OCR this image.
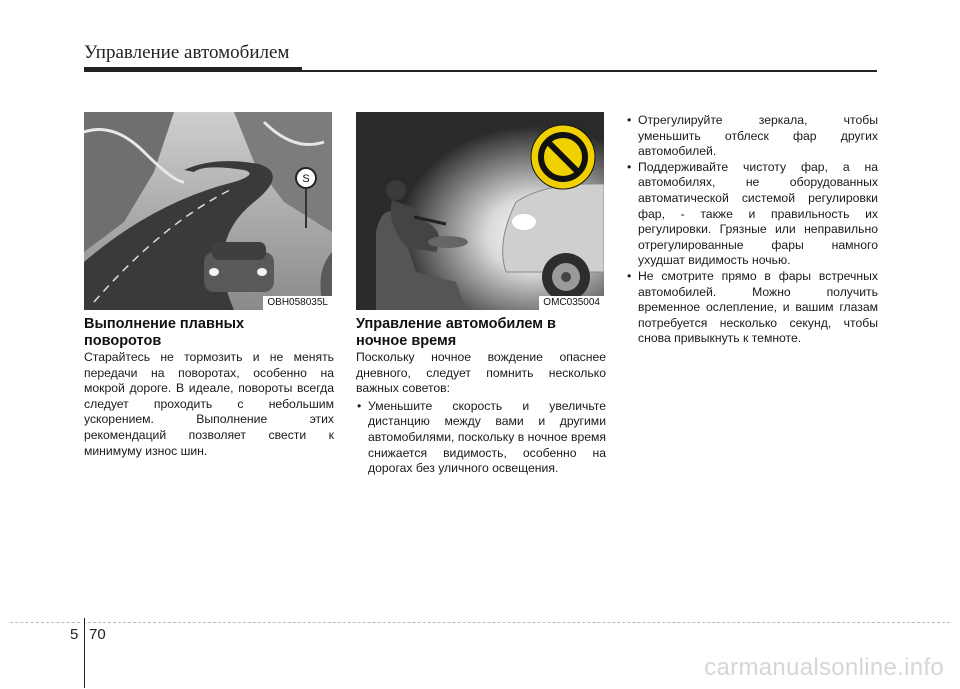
Управление автомобилем
S
OBH058035L	OMC035004
Выполнение плавных
поворотов
Старайтесь не тормозить и не менять передачи на поворотах, особенно на мокрой дороге. В идеале, повороты всегда следует проходить с небольшим ускорением. Выполнение этих рекомендаций позволяет свести к минимуму износ шин.
Управление автомобилем в
ночное время
Поскольку ночное вождение опаснее дневного, следует помнить несколько важных советов:
• Уменьшите скорость и увеличьте дистанцию между вами и другими автомобилями, поскольку в ночное время снижается видимость, особенно на дорогах без уличного освещения.
• Отрегулируйте зеркала, чтобы уменьшить отблеск фар других автомобилей.
• Поддерживайте чистоту фар, а на автомобилях, не оборудованных автоматической системой регулировки фар, - также и правильность их регулировки. Грязные или неправильно отрегулированные фары намного ухудшат видимость ночью.
• Не смотрите прямо в фары встречных автомобилей. Можно получить временное ослепление, и вашим глазам потребуется несколько секунд, чтобы снова привыкнуть к темноте.
5 70
carmanualsonline.info
